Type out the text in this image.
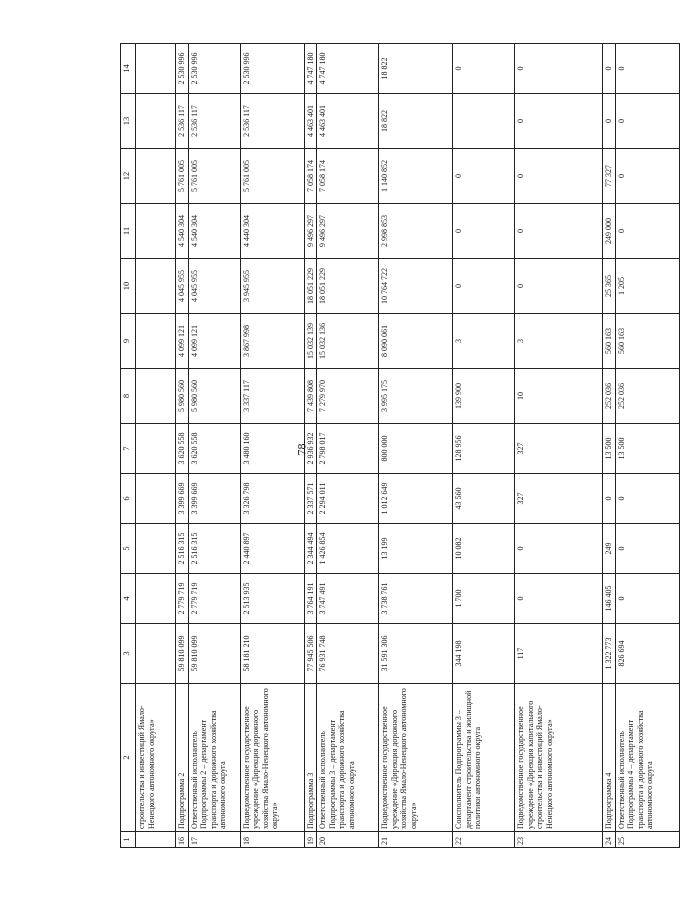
78
1	2	3	4	5	6	7	8	9	10	11	12	13	14
	строительства и инвестиций Ямало-Ненецкого автономного округа»												
16	Подпрограмма 2	59 810 099	2 779 719	2 516 315	3 399 669	3 620 558	5 980 560	4 099 121	4 045 955	4 540 304	5 761 005	2 536 117	2 530 996
17	Ответственный исполнитель Подпрограммы 2 – департамент транспорта и дорожного хозяйства автономного округа	59 810 099	2 779 719	2 516 315	3 399 669	3 620 558	5 980 560	4 099 121	4 045 955	4 540 304	5 761 005	2 536 117	2 530 996
18	Подведомственное государственное учреждение «Дирекция дорожного хозяйства Ямало-Ненецкого автономного округа»	58 181 210	2 513 935	2 440 897	3 326 798	3 480 160	3 337 117	3 867 998	3 945 955	4 440 304	5 761 005	2 536 117	2 530 996
19	Подпрограмма 3	77 945 506	3 764 191	2 344 494	2 337 571	2 936 932	7 439 808	15 032 139	18 051 229	9 496 297	7 058 174	4 463 401	4 747 180
20	Ответственный исполнитель Подпрограммы 3 – департамент транспорта и дорожного хозяйства автономного округа	76 931 748	3 747 491	1 426 854	2 294 011	2 798 017	7 279 970	15 032 136	18 051 229	9 496 297	7 058 174	4 463 401	4 747 180
21	Подведомственное государственное учреждение «Дирекция дорожного хозяйства Ямало-Ненецкого автономного округа»	31 591 306	3 738 761	13 199	1 012 649	800 000	3 995 175	8 090 061	10 764 722	2 998 853	1 140 852	18 822	18 822
22	Соисполнитель Подпрограммы 3 – департамент строительства и жилищной политики автономного округа	344 198	1 700	10 082	43 560	128 956	139 900	3	0	0	0		0
23	Подведомственное государственное учреждение «Дирекция капитального строительства и инвестиций Ямало-Ненецкого автономного округа»	117	0	0	327	327	10	3	0	0	0	0	0
24	Подпрограмма 4	1 322 773	146 405	249	0	13 500	252 036	560 163	25 365	249 000	77 327	0	0
25	Ответственный исполнитель Подпрограммы 4 – департамент транспорта и дорожного хозяйства автономного округа	826 694	0	0	0	13 500	252 036	560 163	1 205	0	0	0	0
